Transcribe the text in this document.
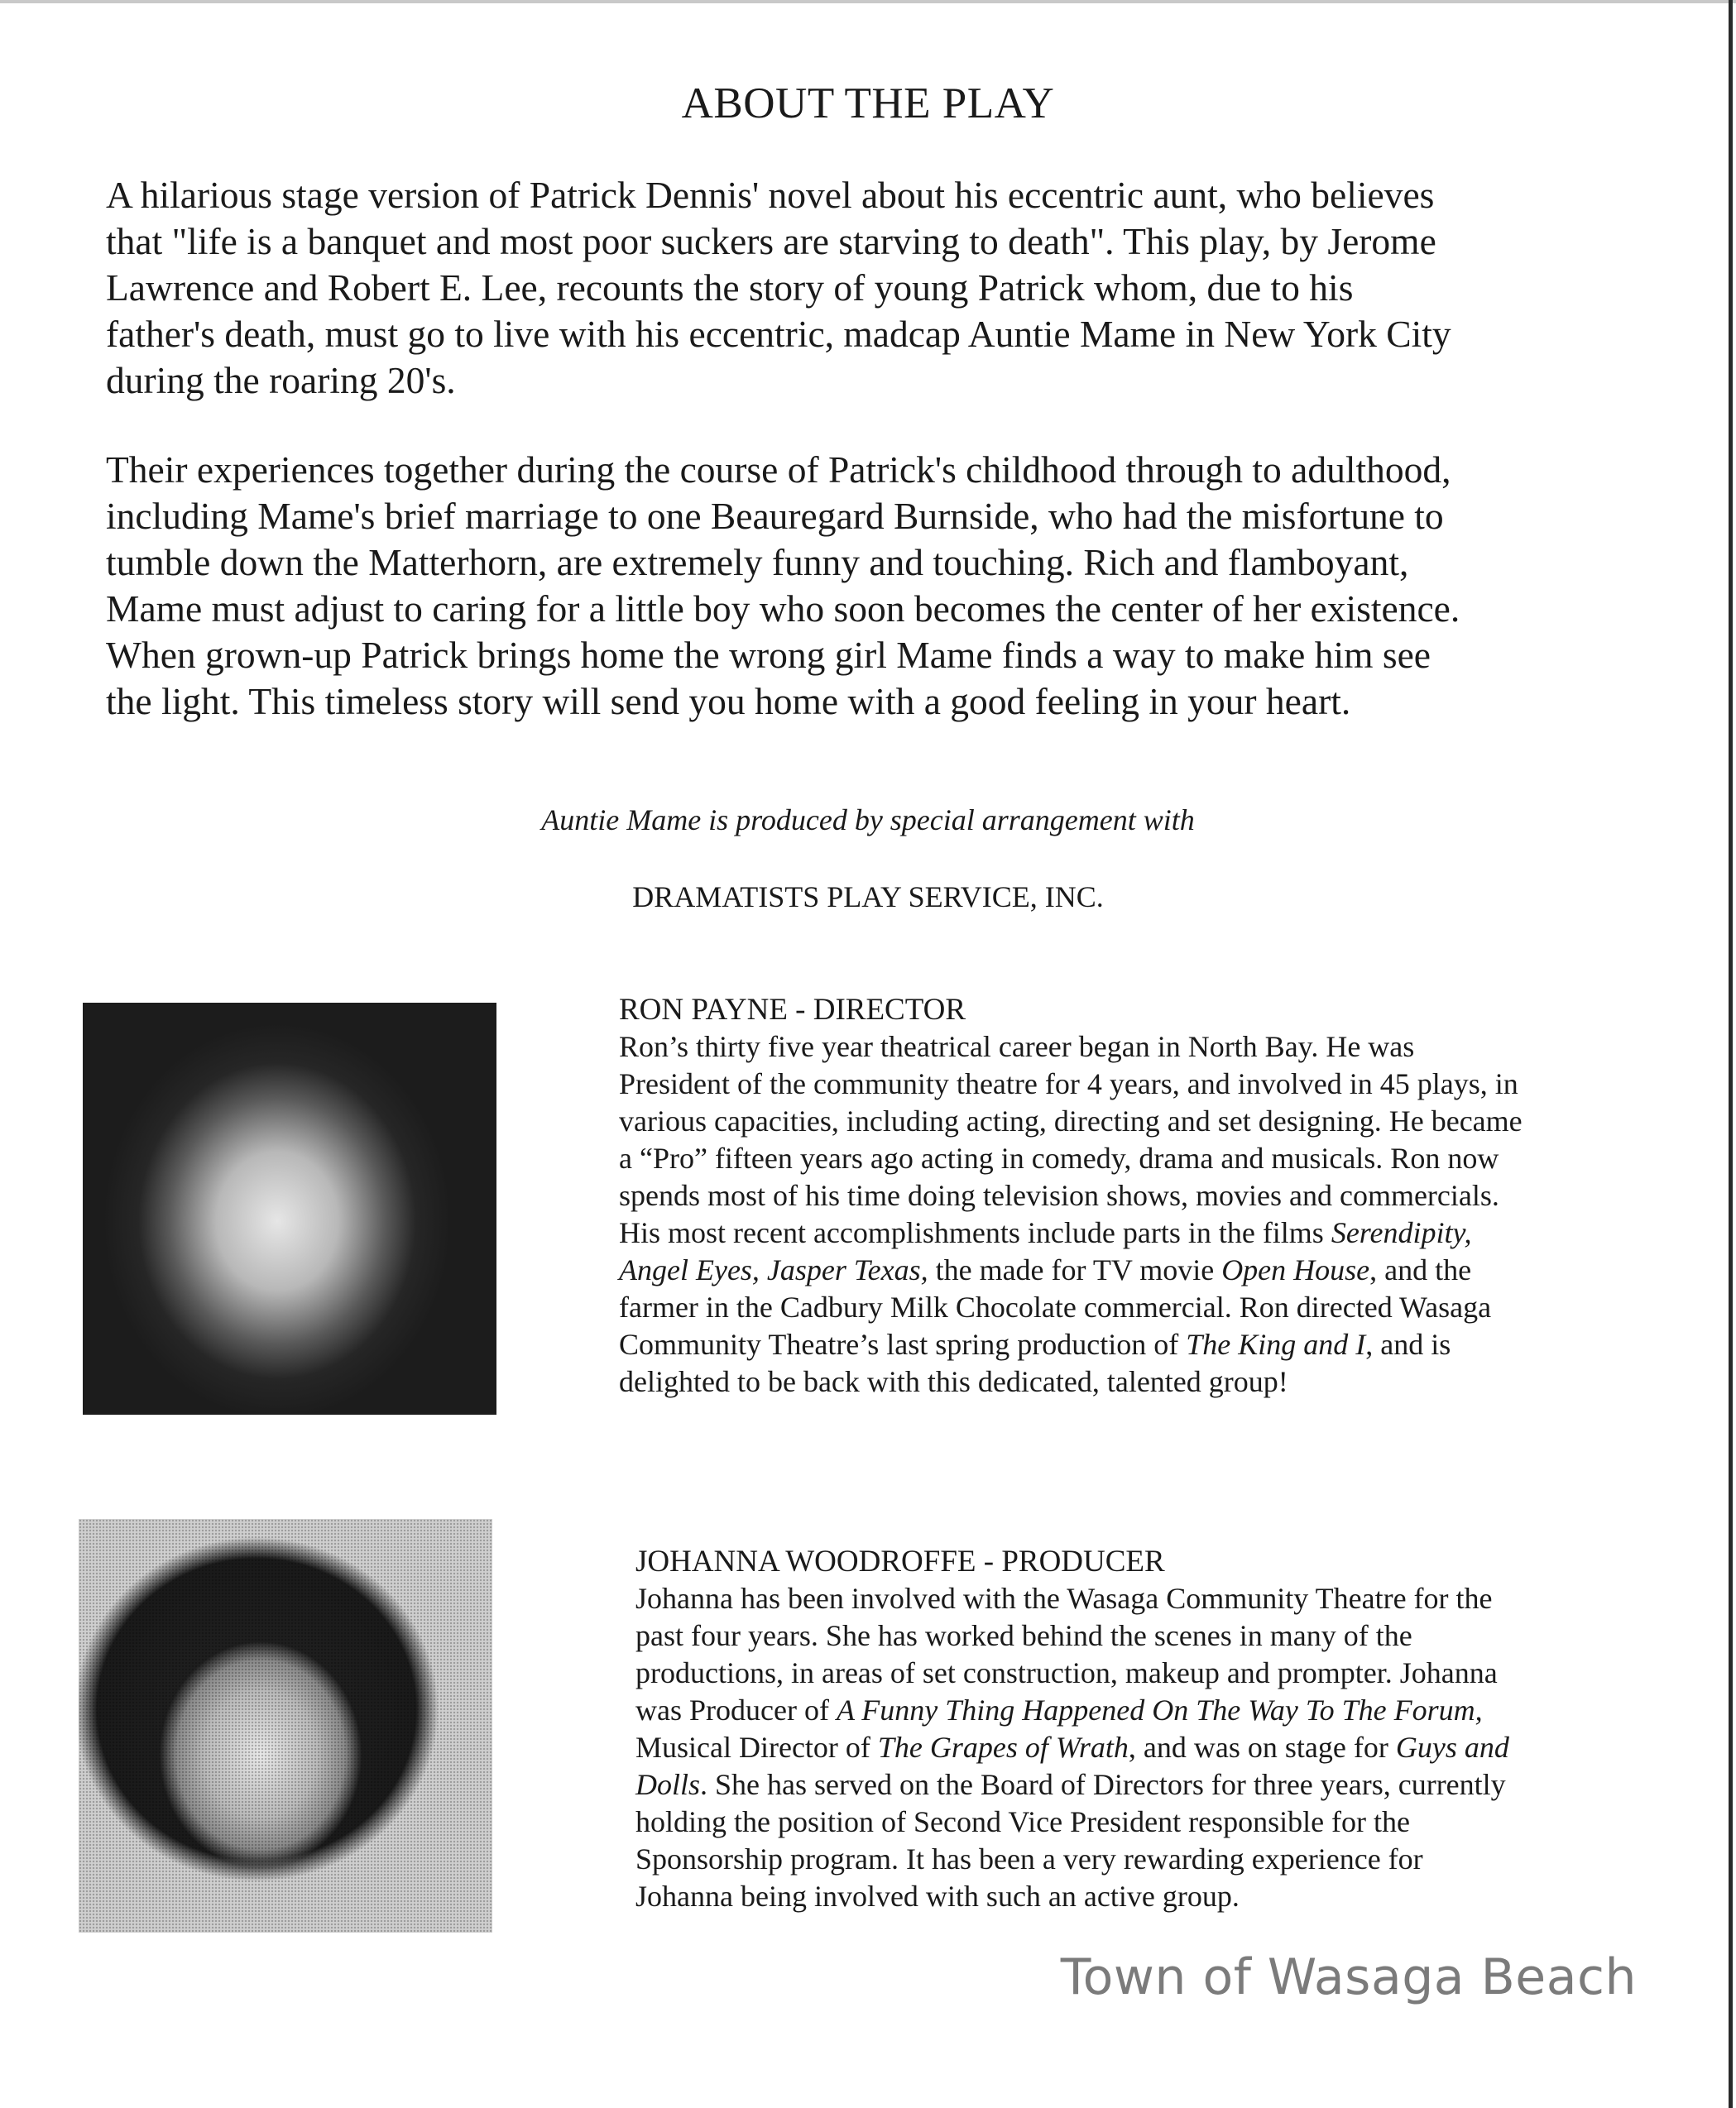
ABOUT THE PLAY
A hilarious stage version of Patrick Dennis' novel about his eccentric aunt, who believes
that "life is a banquet and most poor suckers are starving to death". This play, by Jerome
Lawrence and Robert E. Lee, recounts the story of young Patrick whom, due to his
father's death, must go to live with his eccentric, madcap Auntie Mame in New York City
during the roaring 20's.
Their experiences together during the course of Patrick's childhood through to adulthood,
including Mame's brief marriage to one Beauregard Burnside, who had the misfortune to
tumble down the Matterhorn, are extremely funny and touching. Rich and flamboyant,
Mame must adjust to caring for a little boy who soon becomes the center of her existence.
When grown-up Patrick brings home the wrong girl Mame finds a way to make him see
the light. This timeless story will send you home with a good feeling in your heart.
Auntie Mame is produced by special arrangement with
DRAMATISTS PLAY SERVICE, INC.
RON PAYNE - DIRECTOR
Ron’s thirty five year theatrical career began in North Bay. He was
President of the community theatre for 4 years, and involved in 45 plays, in
various capacities, including acting, directing and set designing. He became
a “Pro” fifteen years ago acting in comedy, drama and musicals. Ron now
spends most of his time doing television shows, movies and commercials.
His most recent accomplishments include parts in the films Serendipity,
Angel Eyes, Jasper Texas, the made for TV movie Open House, and the
farmer in the Cadbury Milk Chocolate commercial. Ron directed Wasaga
Community Theatre’s last spring production of The King and I, and is
delighted to be back with this dedicated, talented group!
JOHANNA WOODROFFE - PRODUCER
Johanna has been involved with the Wasaga Community Theatre for the
past four years. She has worked behind the scenes in many of the
productions, in areas of set construction, makeup and prompter. Johanna
was Producer of A Funny Thing Happened On The Way To The Forum,
Musical Director of The Grapes of Wrath, and was on stage for Guys and
Dolls. She has served on the Board of Directors for three years, currently
holding the position of Second Vice President responsible for the
Sponsorship program. It has been a very rewarding experience for
Johanna being involved with such an active group.
Town of Wasaga Beach
